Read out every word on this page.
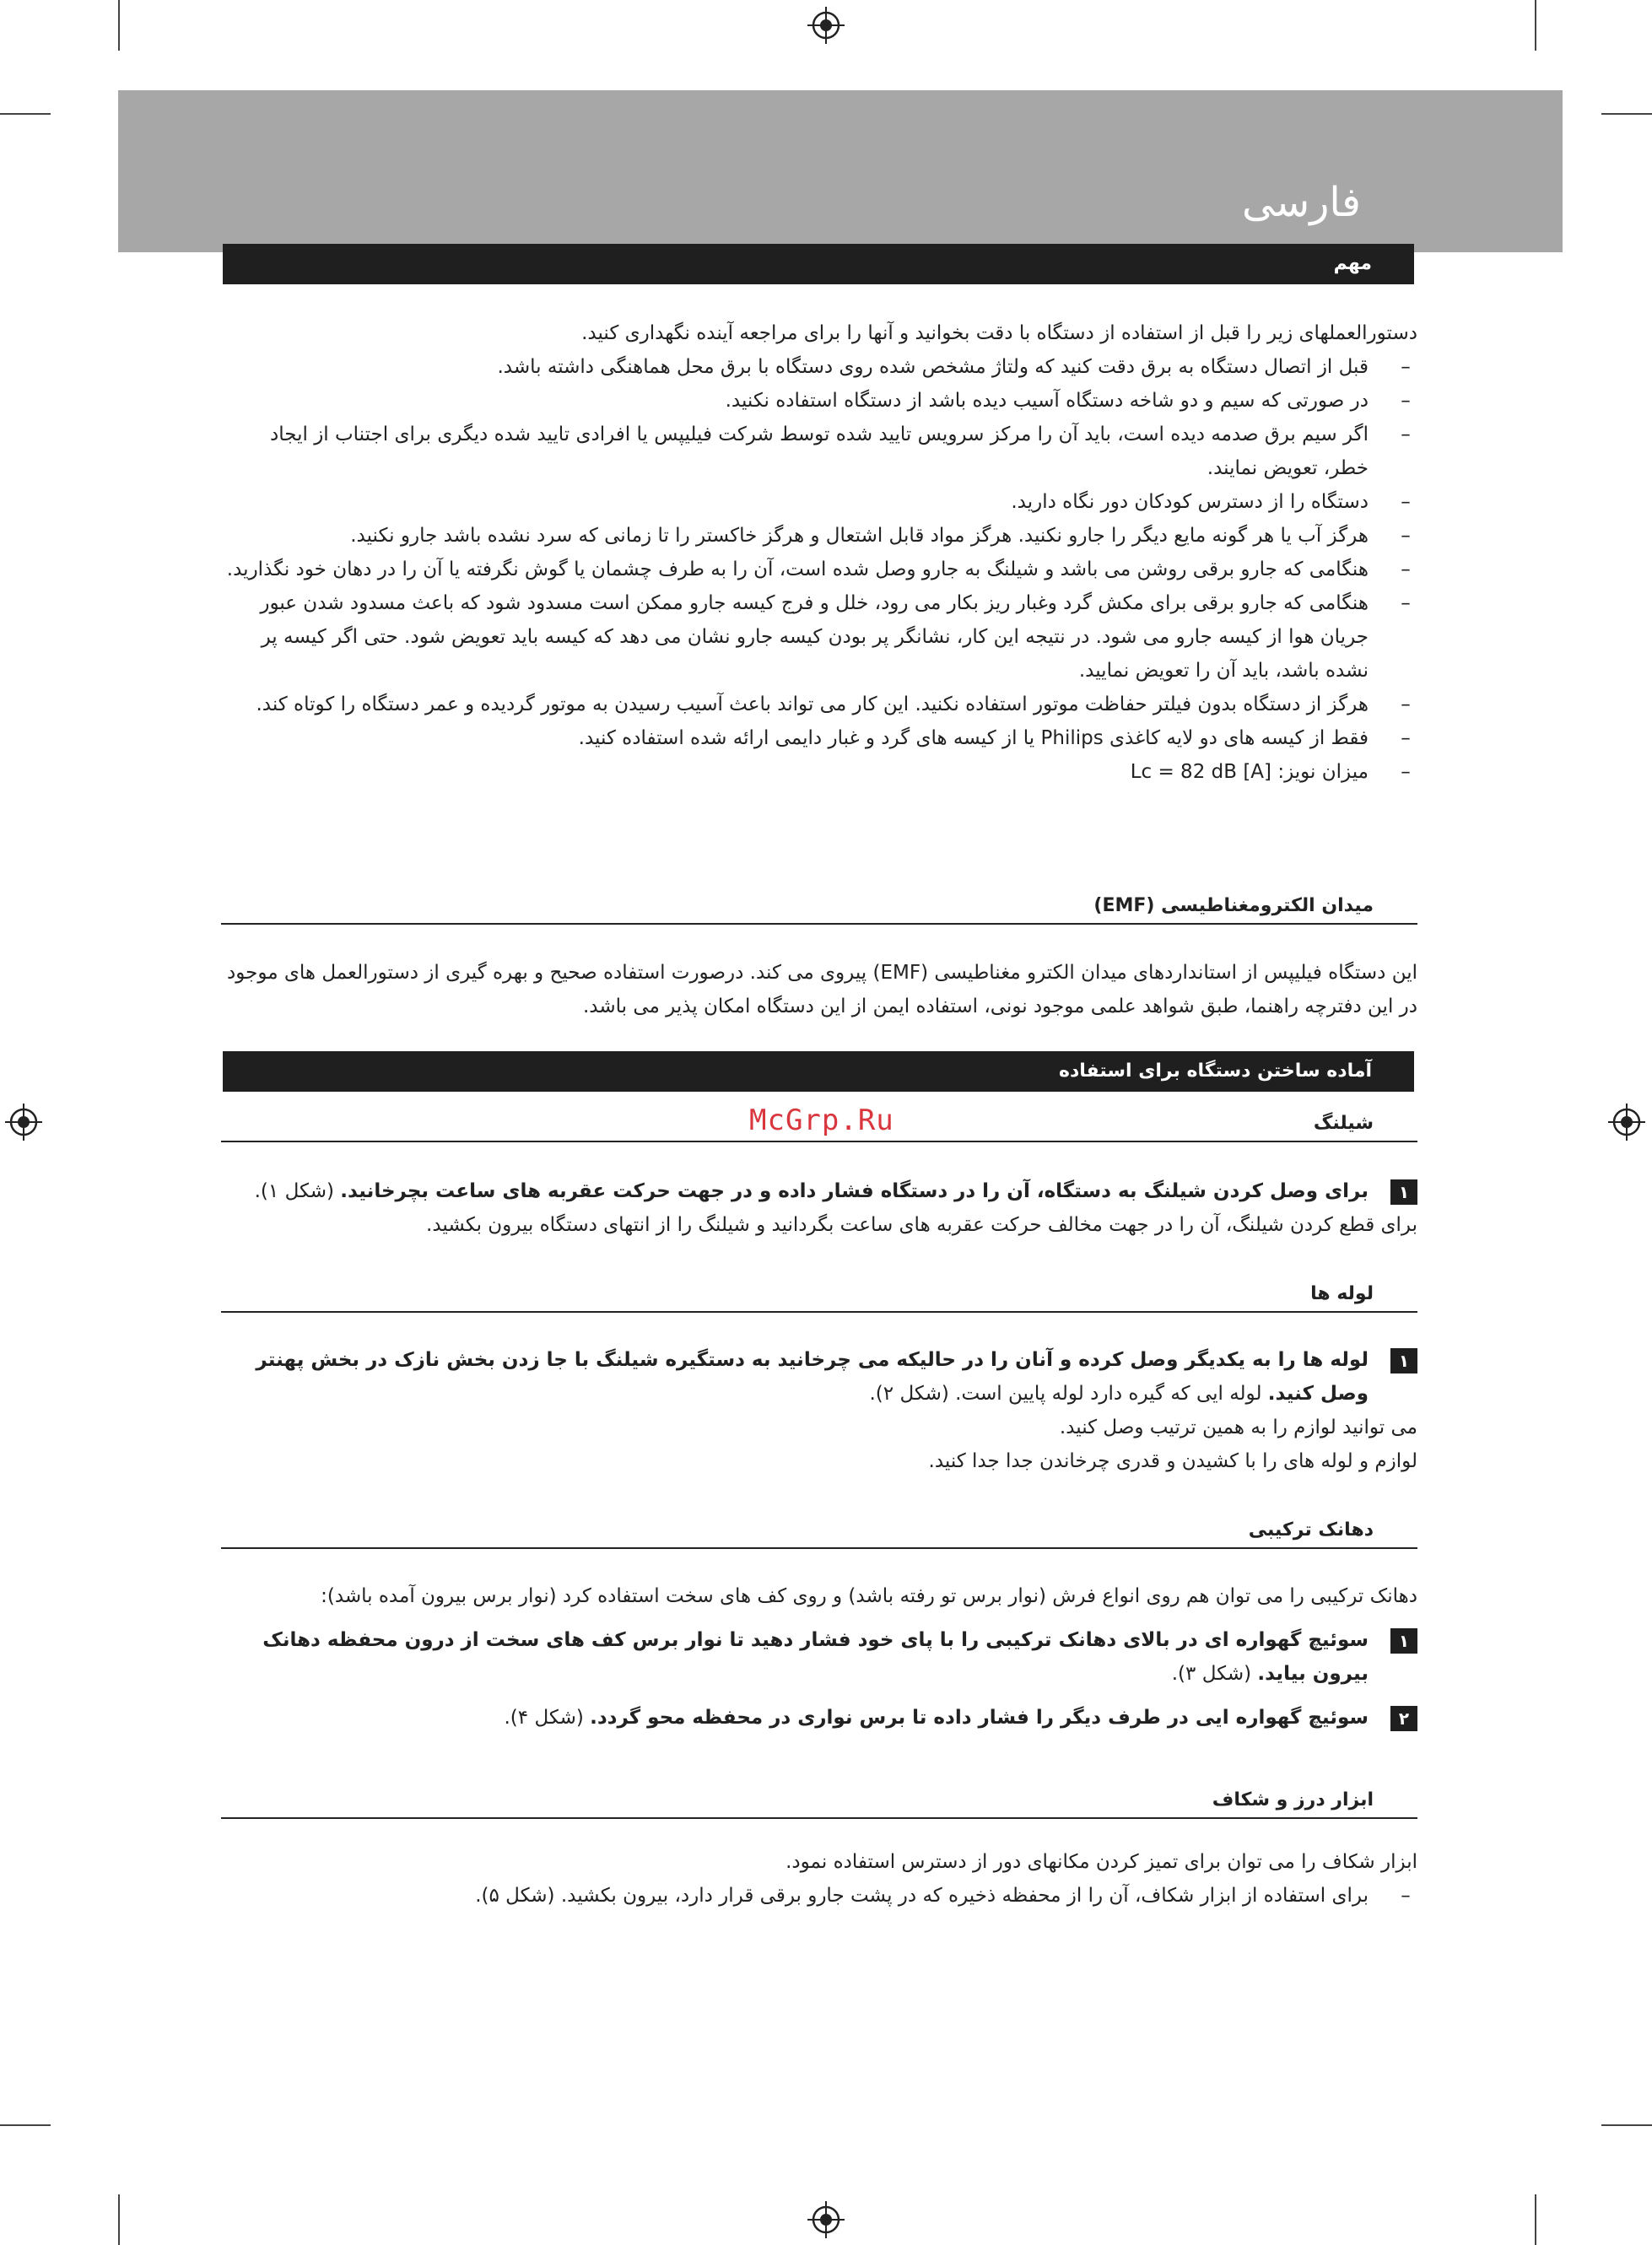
فارسی
مهم
دستورالعملهای زیر را قبل از استفاده از دستگاه با دقت بخوانید و آنها را برای مراجعه آینده نگهداری کنید.
–
قبل از اتصال دستگاه به برق دقت کنید که ولتاژ مشخص شده روی دستگاه با برق محل هماهنگی داشته باشد.
–
در صورتی که سیم و دو شاخه دستگاه آسیب دیده باشد از دستگاه استفاده نکنید.
–
اگر سیم برق صدمه دیده است، باید آن را مرکز سرویس تایید شده توسط شرکت فیلیپس یا افرادی تایید شده دیگری برای اجتناب از ایجاد خطر، تعویض نمایند.
–
دستگاه را از دسترس کودکان دور نگاه دارید.
–
هرگز آب یا هر گونه مایع دیگر را جارو نکنید. هرگز مواد قابل اشتعال و هرگز خاکستر را تا زمانی که سرد نشده باشد جارو نکنید.
–
هنگامی که جارو برقی روشن می باشد و شیلنگ به جارو وصل شده است، آن را به طرف چشمان یا گوش نگرفته یا آن را در دهان خود نگذارید.
–
هنگامی که جارو برقی برای مکش گرد وغبار ریز بکار می رود، خلل و فرج کیسه جارو ممکن است مسدود شود که باعث مسدود شدن عبور جریان هوا از کیسه جارو می شود. در نتیجه این کار، نشانگر پر بودن کیسه جارو نشان می دهد که کیسه باید تعویض شود. حتی اگر کیسه پر نشده باشد، باید آن را تعویض نمایید.
–
هرگز از دستگاه بدون فیلتر حفاظت موتور استفاده نکنید. این کار می تواند باعث آسیب رسیدن به موتور گردیده و عمر دستگاه را کوتاه کند.
–
فقط از کیسه های دو لایه کاغذی Philips یا از کیسه های گرد و غبار دایمی ارائه شده استفاده کنید.
–
میزان نویز: Lc = 82 dB [A]
میدان الکترومغناطیسی (EMF)
این دستگاه فیلیپس از استانداردهای میدان الکترو مغناطیسی (EMF) پیروی می کند. درصورت استفاده صحیح و بهره گیری از دستورالعمل های موجود در این دفترچه راهنما، طبق شواهد علمی موجود نونی، استفاده ایمن از این دستگاه امکان پذیر می باشد.
آماده ساختن دستگاه برای استفاده
McGrp.Ru	شیلنگ
۱
برای وصل کردن شیلنگ به دستگاه، آن را در دستگاه فشار داده و در جهت حرکت عقربه های ساعت بچرخانید. (شکل ۱).
برای قطع کردن شیلنگ، آن را در جهت مخالف حرکت عقربه های ساعت بگردانید و شیلنگ را از انتهای دستگاه بیرون بکشید.
لوله ها
۱
لوله ها را به یکدیگر وصل کرده و آنان را در حالیکه می چرخانید به دستگیره شیلنگ با جا زدن بخش نازک در بخش پهنتر وصل کنید. لوله ایی که گیره دارد لوله پایین است. (شکل ۲).
می توانید لوازم را به همین ترتیب وصل کنید.
لوازم و لوله های را با کشیدن و قدری چرخاندن جدا جدا کنید.
دهانک ترکیبی
دهانک ترکیبی را می توان هم روی انواع فرش (نوار برس تو رفته باشد) و روی کف های سخت استفاده کرد (نوار برس بیرون آمده باشد):
۱
سوئیچ گهواره ای در بالای دهانک ترکیبی را با پای خود فشار دهید تا نوار برس کف های سخت از درون محفظه دهانک بیرون بیاید. (شکل ۳).
۲
سوئیچ گهواره ایی در طرف دیگر را فشار داده تا برس نواری در محفظه محو گردد. (شکل ۴).
ابزار درز و شکاف
ابزار شکاف را می توان برای تمیز کردن مکانهای دور از دسترس استفاده نمود.
–
برای استفاده از ابزار شکاف، آن را از محفظه ذخیره که در پشت جارو برقی قرار دارد، بیرون بکشید. (شکل ۵).
